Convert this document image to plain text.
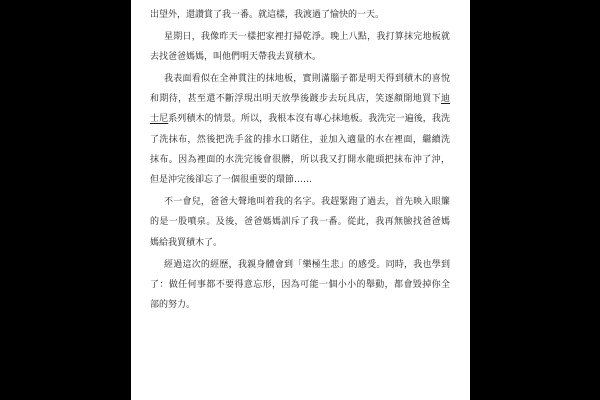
出望外，還讚賞了我一番。就這樣，我渡過了愉快的一天。
星期日，我像昨天一樣把家裡打掃乾淨。晚上八點，我打算抹完地板就
去找爸爸媽媽，叫他們明天帶我去買積木。
我表面看似在全神貫注的抹地板，實則滿腦子都是明天得到積木的喜悅
和期待，甚至還不斷浮現出明天放學後踱步去玩具店，笑逐顏開地買下迪
士尼系列積木的情景。所以，我根本沒有專心抹地板。我洗完一遍後，我洗
了洗抹布，然後把洗手盆的排水口賭住，並加入適量的水在裡面，繼續洗
抹布。因為裡面的水洗完後會很髒，所以我又打開水龍頭把抹布沖了沖，
但是沖完後卻忘了一個很重要的環節……
不一會兒，爸爸大聲地叫着我的名字。我趕緊跑了過去，首先映入眼簾
的是一股噴泉。及後，爸爸媽媽訓斥了我一番。從此，我再無臉找爸爸媽
媽給我買積木了。
經過這次的經歷，我親身體會到「樂極生悲」的感受。同時，我也學到
了：做任何事都不要得意忘形，因為可能一個小小的舉動，都會毀掉你全
部的努力。
